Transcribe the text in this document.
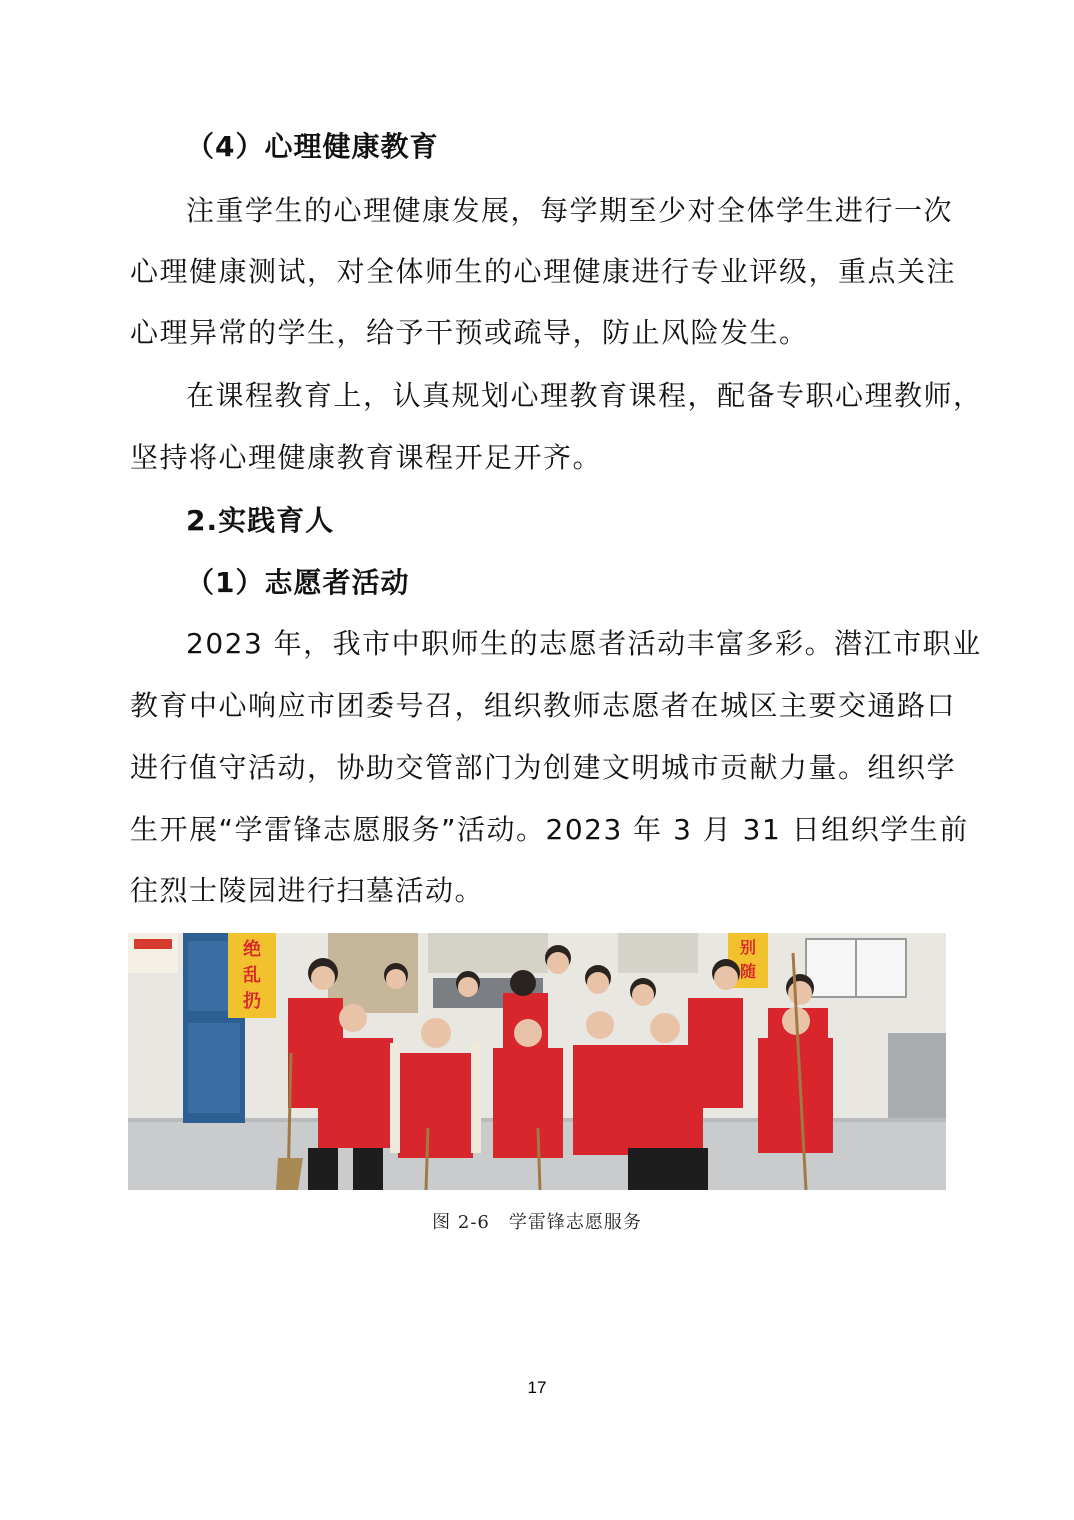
（4）心理健康教育
注重学生的心理健康发展，每学期至少对全体学生进行一次
心理健康测试，对全体师生的心理健康进行专业评级，重点关注
心理异常的学生，给予干预或疏导，防止风险发生。
在课程教育上，认真规划心理教育课程，配备专职心理教师，
坚持将心理健康教育课程开足开齐。
2.实践育人
（1）志愿者活动
2023 年，我市中职师生的志愿者活动丰富多彩。潜江市职业
教育中心响应市团委号召，组织教师志愿者在城区主要交通路口
进行值守活动，协助交管部门为创建文明城市贡献力量。组织学
生开展“学雷锋志愿服务”活动。2023 年 3 月 31 日组织学生前
往烈士陵园进行扫墓活动。
绝
乱
扔
别
随
图 2-6　学雷锋志愿服务
17
